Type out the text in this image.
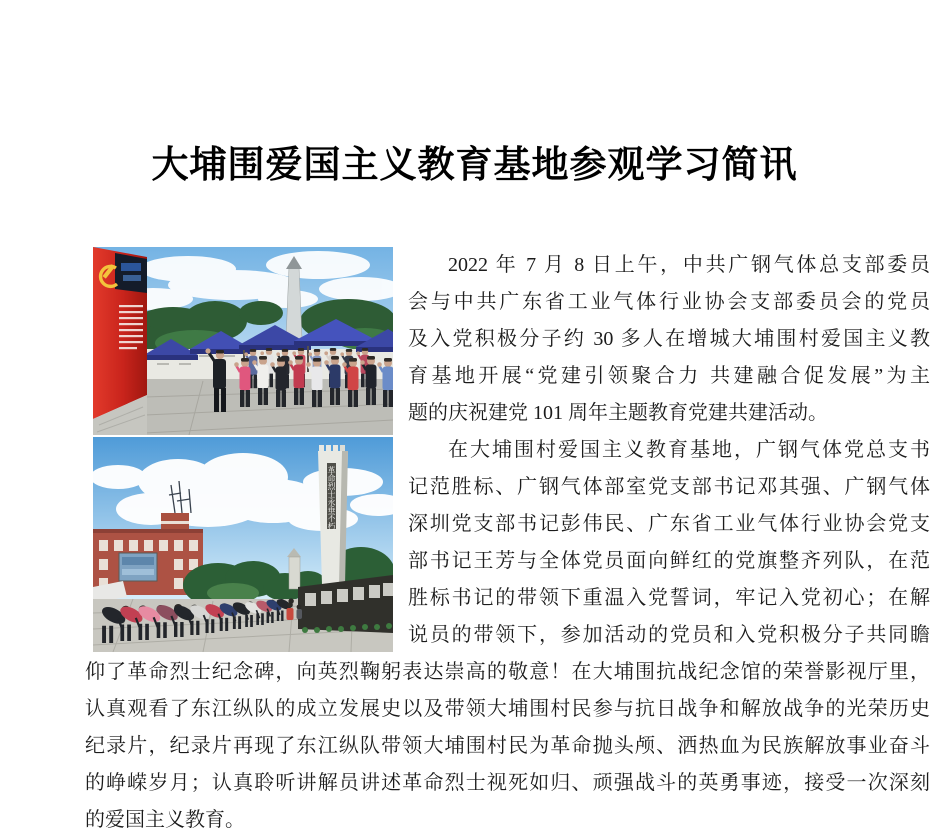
大埔围爱国主义教育基地参观学习简讯
革命烈士永垂不朽

2022 年 7 月 8 日上午，中共广钢气体总支部委员

会与中共广东省工业气体行业协会支部委员会的党员

及入党积极分子约 30 多人在增城大埔围村爱国主义教

育基地开展“党建引领聚合力 共建融合促发展”为主

题的庆祝建党 101 周年主题教育党建共建活动。

在大埔围村爱国主义教育基地，广钢气体党总支书

记范胜标、广钢气体部室党支部书记邓其强、广钢气体

深圳党支部书记彭伟民、广东省工业气体行业协会党支

部书记王芳与全体党员面向鲜红的党旗整齐列队，在范

胜标书记的带领下重温入党誓词，牢记入党初心；在解

说员的带领下，参加活动的党员和入党积极分子共同瞻

仰了革命烈士纪念碑，向英烈鞠躬表达崇高的敬意！在大埔围抗战纪念馆的荣誉影视厅里，

认真观看了东江纵队的成立发展史以及带领大埔围村民参与抗日战争和解放战争的光荣历史

纪录片，纪录片再现了东江纵队带领大埔围村民为革命抛头颅、洒热血为民族解放事业奋斗

的峥嵘岁月；认真聆听讲解员讲述革命烈士视死如归、顽强战斗的英勇事迹，接受一次深刻

的爱国主义教育。
